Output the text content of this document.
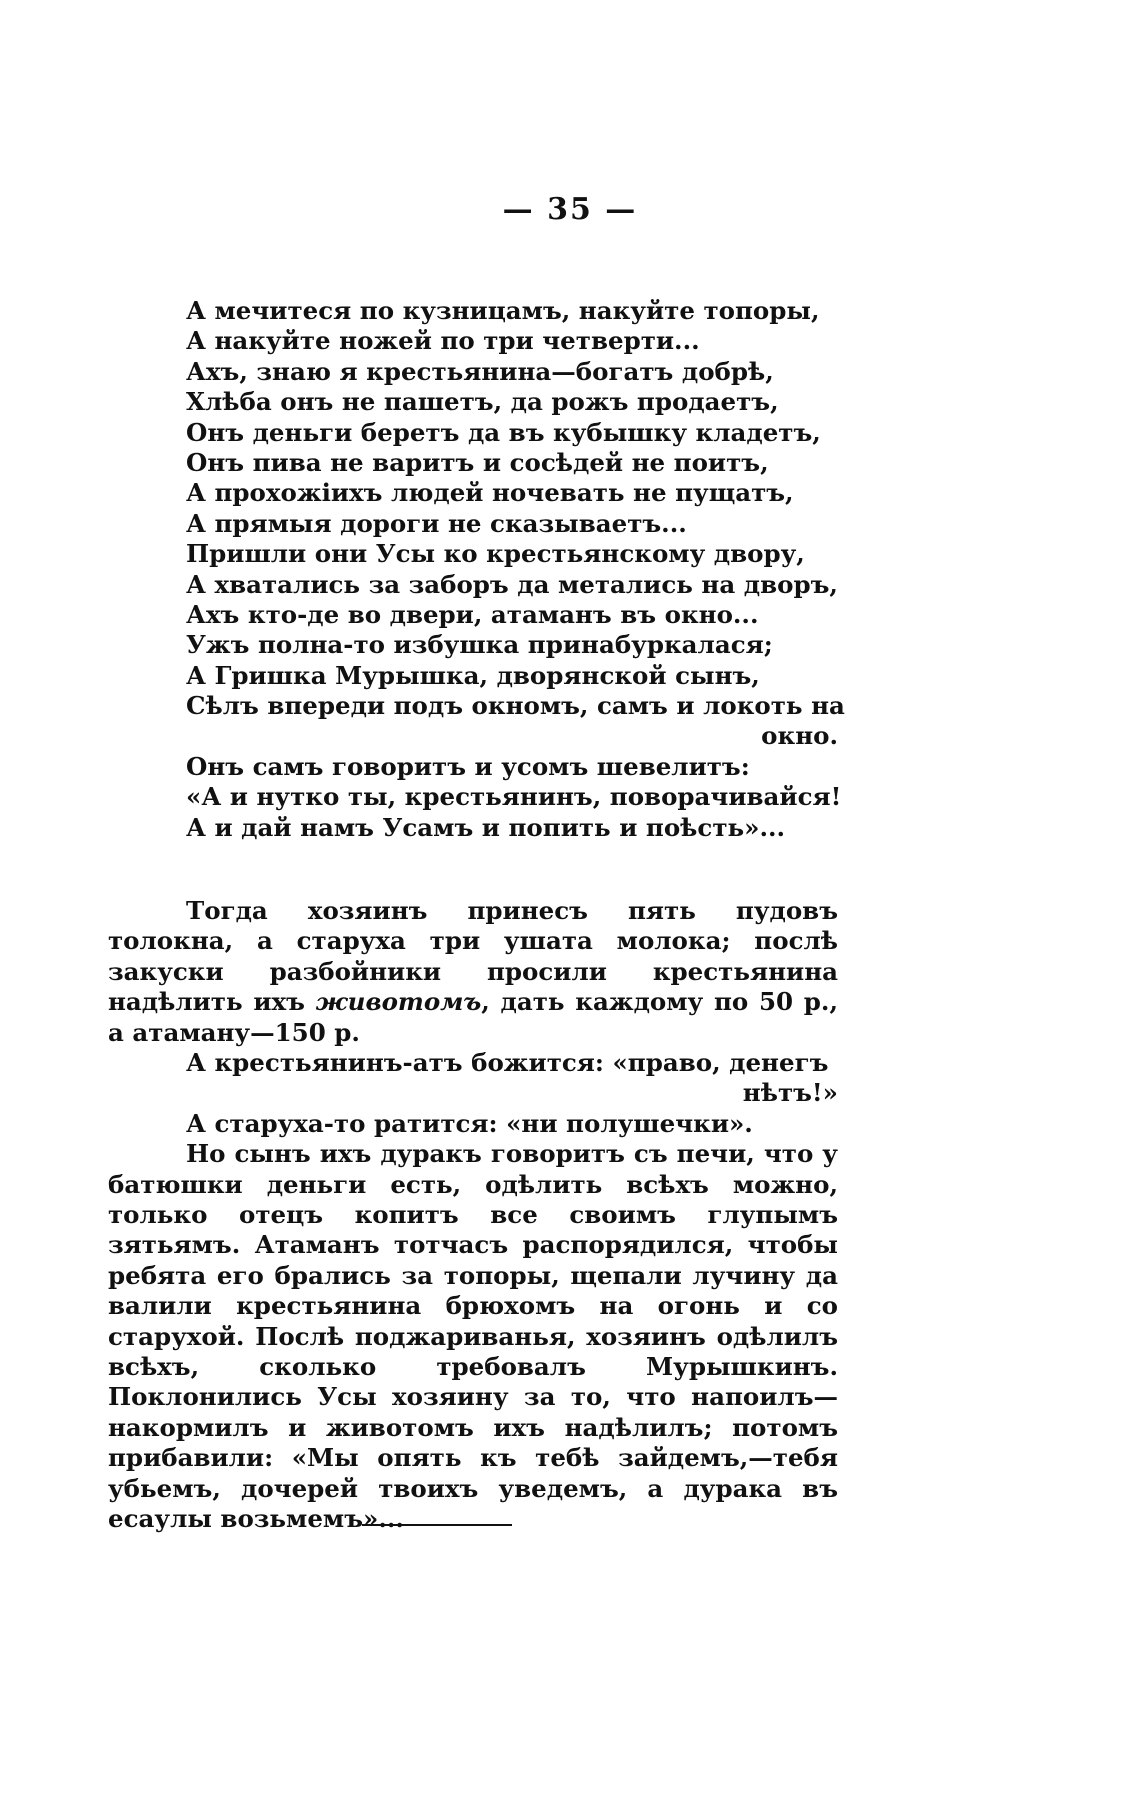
— 35 —
А мечитеся по кузницамъ, накуйте топоры,
А накуйте ножей по три четверти...
Ахъ, знаю я крестьянина—богатъ добрѣ,
Хлѣба онъ не пашетъ, да рожъ продаетъ,
Онъ деньги беретъ да въ кубышку кладетъ,
Онъ пива не варитъ и сосѣдей не поитъ,
А прохожiихъ людей ночевать не пущатъ,
А прямыя дороги не сказываетъ...
Пришли они Усы ко крестьянскому двору,
А хватались за заборъ да метались на дворъ,
Ахъ кто-де во двери, атаманъ въ окно...
Ужъ полна-то избушка принабуркалася;
А Гришка Мурышка, дворянской сынъ,
Сѣлъ впереди подъ окномъ, самъ и локоть на
окно.
Онъ самъ говоритъ и усомъ шевелитъ:
«А и нутко ты, крестьянинъ, поворачивайся!
А и дай намъ Усамъ и попить и поѣсть»...

Тогда хозяинъ принесъ пять пудовъ толокна, а старуха три ушата молока; послѣ закуски разбойники просили крестьянина надѣлить ихъ животомъ, дать каждому по 50 р., а атаману—150 р.

А крестьянинъ-атъ божится: «право, денегъ
нѣтъ!»
А старуха-то ратится: «ни полушечки».

Но сынъ ихъ дуракъ говоритъ съ печи, что у батюшки деньги есть, одѣлить всѣхъ можно, только отецъ копитъ все своимъ глупымъ зятьямъ. Атаманъ тотчасъ распорядился, чтобы ребята его брались за топоры, щепали лучину да валили крестьянина брюхомъ на огонь и со старухой. Послѣ поджариванья, хозяинъ одѣлилъ всѣхъ, сколько требовалъ Мурышкинъ. Поклонились Усы хозяину за то, что напоилъ—накормилъ и животомъ ихъ надѣлилъ; потомъ прибавили: «Мы опять къ тебѣ зайдемъ,—тебя убьемъ, дочерей твоихъ уведемъ, а дурака въ есаулы возьмемъ»...
